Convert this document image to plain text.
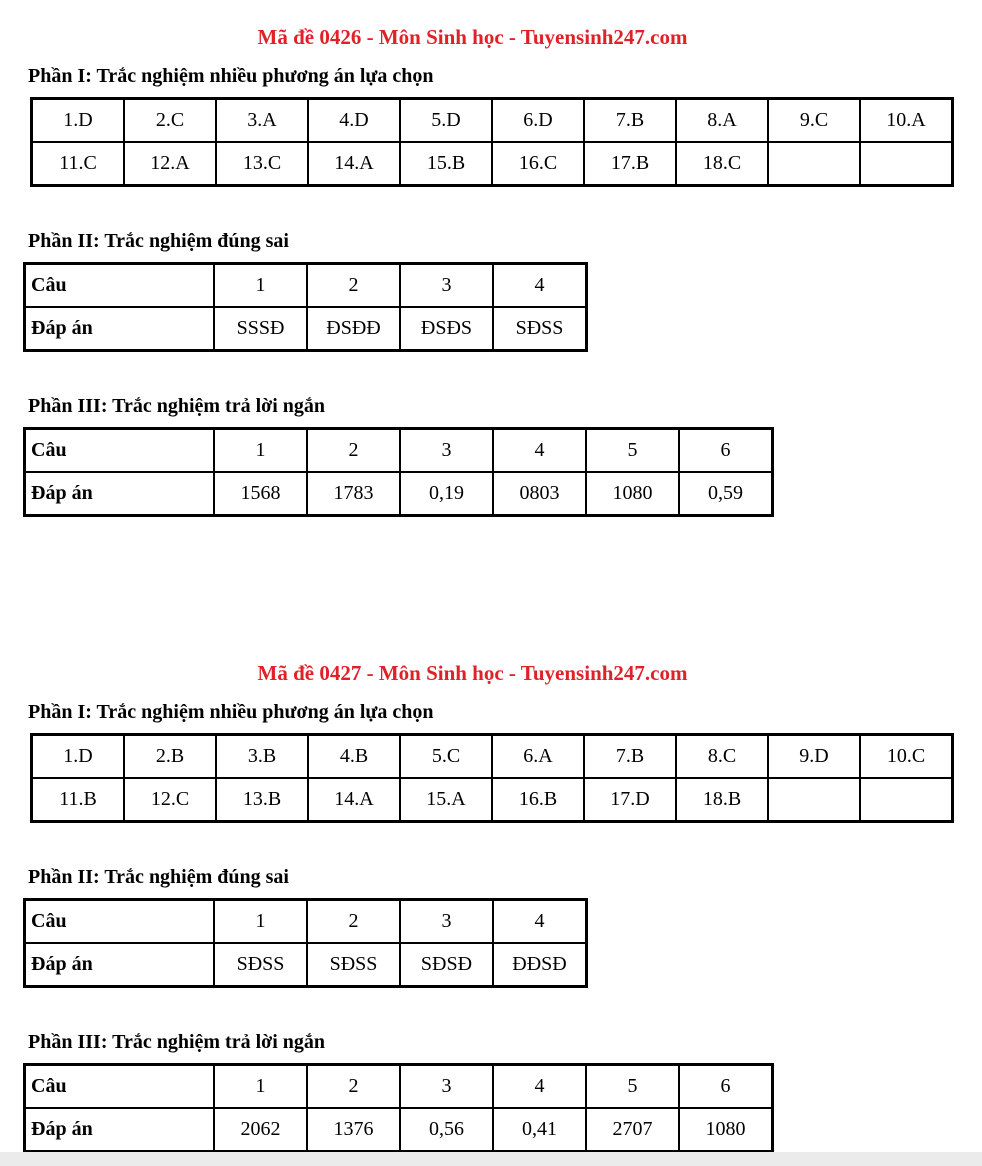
Mã đề 0426 - Môn Sinh học - Tuyensinh247.com
Phần I: Trắc nghiệm nhiều phương án lựa chọn
1.D	2.C	3.A	4.D	5.D	6.D	7.B	8.A	9.C	10.A
11.C	12.A	13.C	14.A	15.B	16.C	17.B	18.C		
Phần II: Trắc nghiệm đúng sai
Câu	1	2	3	4
Đáp án	SSSĐ	ĐSĐĐ	ĐSĐS	SĐSS
Phần III: Trắc nghiệm trả lời ngắn
Câu	1	2	3	4	5	6
Đáp án	1568	1783	0,19	0803	1080	0,59
Mã đề 0427 - Môn Sinh học - Tuyensinh247.com
Phần I: Trắc nghiệm nhiều phương án lựa chọn
1.D	2.B	3.B	4.B	5.C	6.A	7.B	8.C	9.D	10.C
11.B	12.C	13.B	14.A	15.A	16.B	17.D	18.B		
Phần II: Trắc nghiệm đúng sai
Câu	1	2	3	4
Đáp án	SĐSS	SĐSS	SĐSĐ	ĐĐSĐ
Phần III: Trắc nghiệm trả lời ngắn
Câu	1	2	3	4	5	6
Đáp án	2062	1376	0,56	0,41	2707	1080
